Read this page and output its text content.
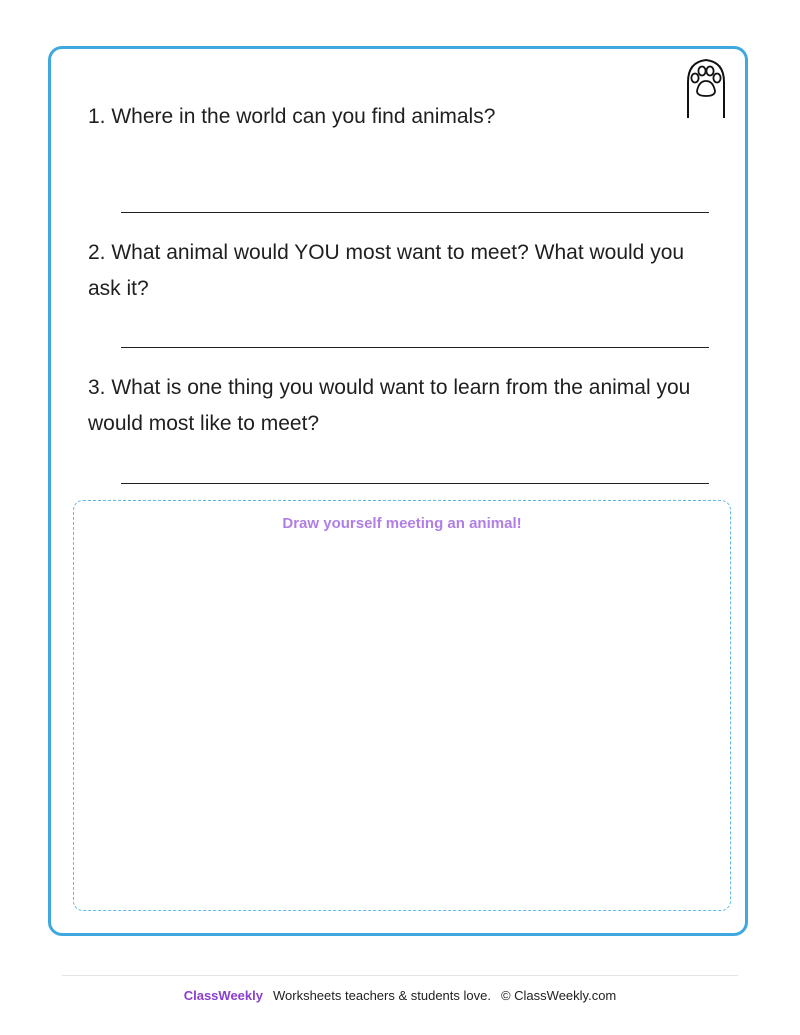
1. Where in the world can you find animals?

2. What animal would YOU most want to meet? What would you ask it?

3. What is one thing you would want to learn from the animal you would most like to meet?

Draw yourself meeting an animal!
ClassWeekly Worksheets teachers & students love. © ClassWeekly.com
